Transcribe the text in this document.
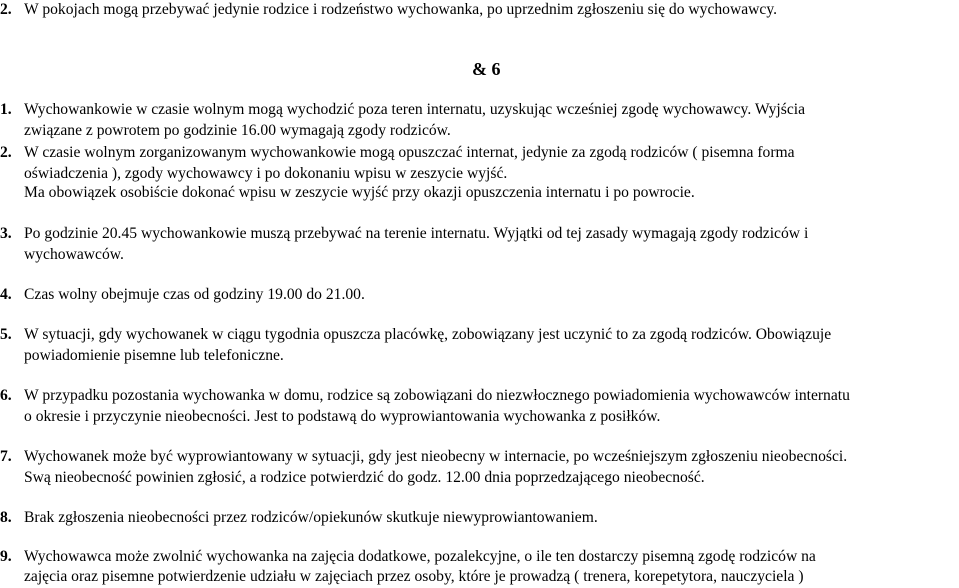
2. W pokojach mogą przebywać jedynie rodzice i rodzeństwo wychowanka, po uprzednim zgłoszeniu się do wychowawcy.
& 6
1. Wychowankowie w czasie wolnym mogą wychodzić poza teren internatu, uzyskując wcześniej zgodę wychowawcy. Wyjścia
związane z powrotem po godzinie 16.00 wymagają zgody rodziców.
2. W czasie wolnym zorganizowanym wychowankowie mogą opuszczać internat, jedynie za zgodą rodziców ( pisemna forma
oświadczenia ), zgody wychowawcy i po dokonaniu wpisu w zeszycie wyjść.
Ma obowiązek osobiście dokonać wpisu w zeszycie wyjść przy okazji opuszczenia internatu i po powrocie.
3. Po godzinie 20.45 wychowankowie muszą przebywać na terenie internatu. Wyjątki od tej zasady wymagają zgody rodziców i
wychowawców.
4. Czas wolny obejmuje czas od godziny 19.00 do 21.00.
5. W sytuacji, gdy wychowanek w ciągu tygodnia opuszcza placówkę, zobowiązany jest uczynić to za zgodą rodziców. Obowiązuje
powiadomienie pisemne lub telefoniczne.
6. W przypadku pozostania wychowanka w domu, rodzice są zobowiązani do niezwłocznego powiadomienia wychowawców internatu
o okresie i przyczynie nieobecności. Jest to podstawą do wyprowiantowania wychowanka z posiłków.
7. Wychowanek może być wyprowiantowany w sytuacji, gdy jest nieobecny w internacie, po wcześniejszym zgłoszeniu nieobecności.
Swą nieobecność powinien zgłosić, a rodzice potwierdzić do godz. 12.00 dnia poprzedzającego nieobecność.
8. Brak zgłoszenia nieobecności przez rodziców/opiekunów skutkuje niewyprowiantowaniem.
9. Wychowawca może zwolnić wychowanka na zajęcia dodatkowe, pozalekcyjne, o ile ten dostarczy pisemną zgodę rodziców na
zajęcia oraz pisemne potwierdzenie udziału w zajęciach przez osoby, które je prowadzą ( trenera, korepetytora, nauczyciela )
